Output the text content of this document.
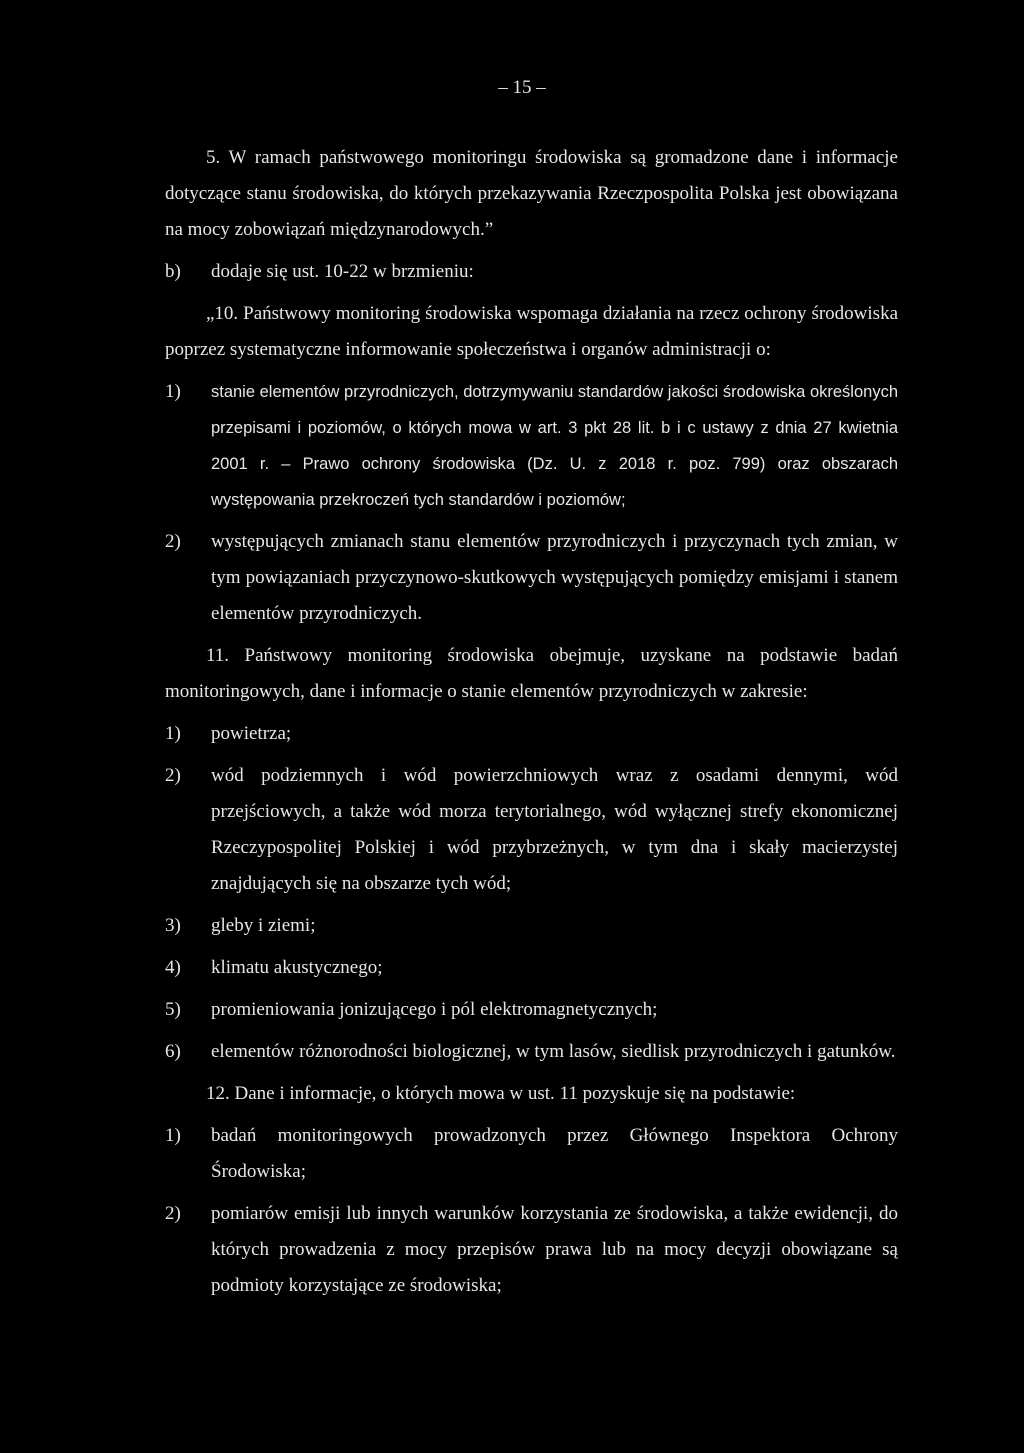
– 15 –

5. W ramach państwowego monitoringu środowiska są gromadzone dane i informacje dotyczące stanu środowiska, do których przekazywania Rzeczpospolita Polska jest obowiązana na mocy zobowiązań międzynarodowych.”

b)	dodaje się ust. 10-22 w brzmieniu:

„10. Państwowy monitoring środowiska wspomaga działania na rzecz ochrony środowiska poprzez systematyczne informowanie społeczeństwa i organów administracji o:

1)	stanie elementów przyrodniczych, dotrzymywaniu standardów jakości środowiska określonych przepisami i poziomów, o których mowa w art. 3 pkt 28 lit. b i c ustawy z dnia 27 kwietnia 2001 r. – Prawo ochrony środowiska (Dz. U. z 2018 r. poz. 799) oraz obszarach występowania przekroczeń tych standardów i poziomów;
2)	występujących zmianach stanu elementów przyrodniczych i przyczynach tych zmian, w tym powiązaniach przyczynowo-skutkowych występujących pomiędzy emisjami i stanem elementów przyrodniczych.

11. Państwowy monitoring środowiska obejmuje, uzyskane na podstawie badań monitoringowych, dane i informacje o stanie elementów przyrodniczych w zakresie:

1)	powietrza;
2)	wód podziemnych i wód powierzchniowych wraz z osadami dennymi, wód przejściowych, a także wód morza terytorialnego, wód wyłącznej strefy ekonomicznej Rzeczypospolitej Polskiej i wód przybrzeżnych, w tym dna i skały macierzystej znajdujących się na obszarze tych wód;
3)	gleby i ziemi;
4)	klimatu akustycznego;
5)	promieniowania jonizującego i pól elektromagnetycznych;
6)	elementów różnorodności biologicznej, w tym lasów, siedlisk przyrodniczych i gatunków.

12. Dane i informacje, o których mowa w ust. 11 pozyskuje się na podstawie:

1)	badań monitoringowych prowadzonych przez Głównego Inspektora Ochrony Środowiska;
2)	pomiarów emisji lub innych warunków korzystania ze środowiska, a także ewidencji, do których prowadzenia z mocy przepisów prawa lub na mocy decyzji obowiązane są podmioty korzystające ze środowiska;
